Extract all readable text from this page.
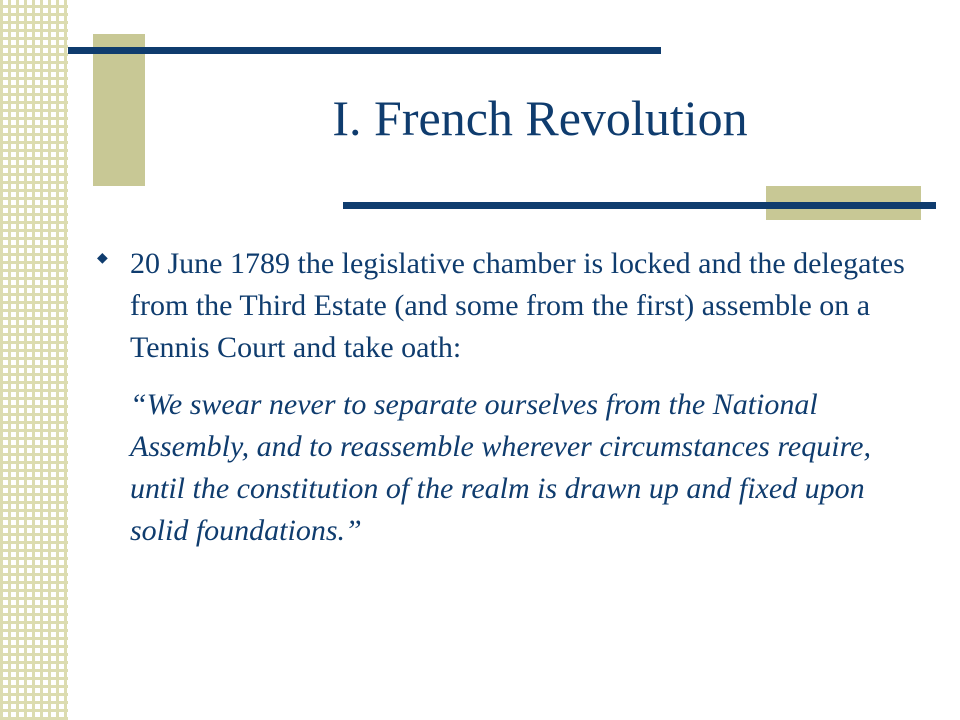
I. French Revolution
◆ 20 June 1789 the legislative chamber is locked and the delegates from the Third Estate (and some from the first) assemble on a Tennis Court and take oath:

“We swear never to separate ourselves from the National Assembly, and to reassemble wherever circumstances require, until the constitution of the realm is drawn up and fixed upon solid foundations.”
